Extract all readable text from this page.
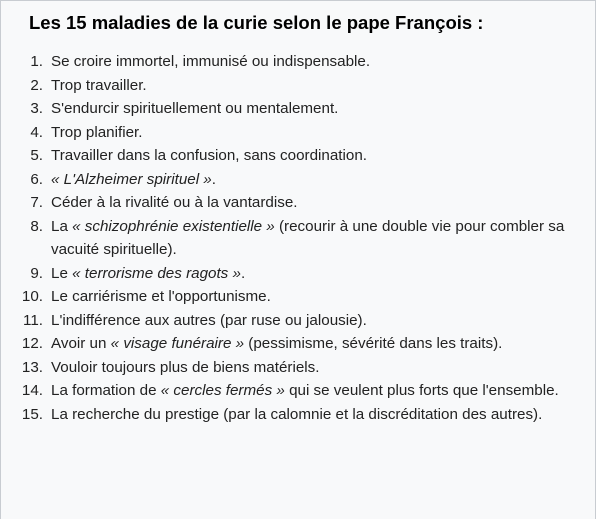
Les 15 maladies de la curie selon le pape François :
1. Se croire immortel, immunisé ou indispensable.
2. Trop travailler.
3. S'endurcir spirituellement ou mentalement.
4. Trop planifier.
5. Travailler dans la confusion, sans coordination.
6. « L'Alzheimer spirituel ».
7. Céder à la rivalité ou à la vantardise.
8. La « schizophrénie existentielle » (recourir à une double vie pour combler sa vacuité spirituelle).
9. Le « terrorisme des ragots ».
10. Le carriérisme et l'opportunisme.
11. L'indifférence aux autres (par ruse ou jalousie).
12. Avoir un « visage funéraire » (pessimisme, sévérité dans les traits).
13. Vouloir toujours plus de biens matériels.
14. La formation de « cercles fermés » qui se veulent plus forts que l'ensemble.
15. La recherche du prestige (par la calomnie et la discréditation des autres).
